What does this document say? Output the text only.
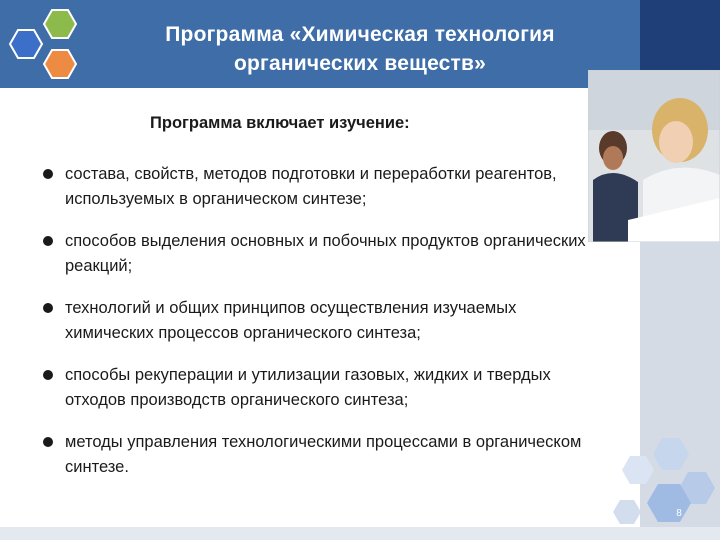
Программа «Химическая технология органических веществ»
Программа включает изучение:
состава, свойств, методов подготовки и переработки реагентов, используемых в органическом синтезе;
способов выделения основных и побочных продуктов органических реакций;
технологий и общих принципов осуществления изучаемых химических процессов органического синтеза;
способы рекуперации и утилизации газовых, жидких и твердых отходов производств органического синтеза;
методы управления технологическими процессами в органическом синтезе.
8
